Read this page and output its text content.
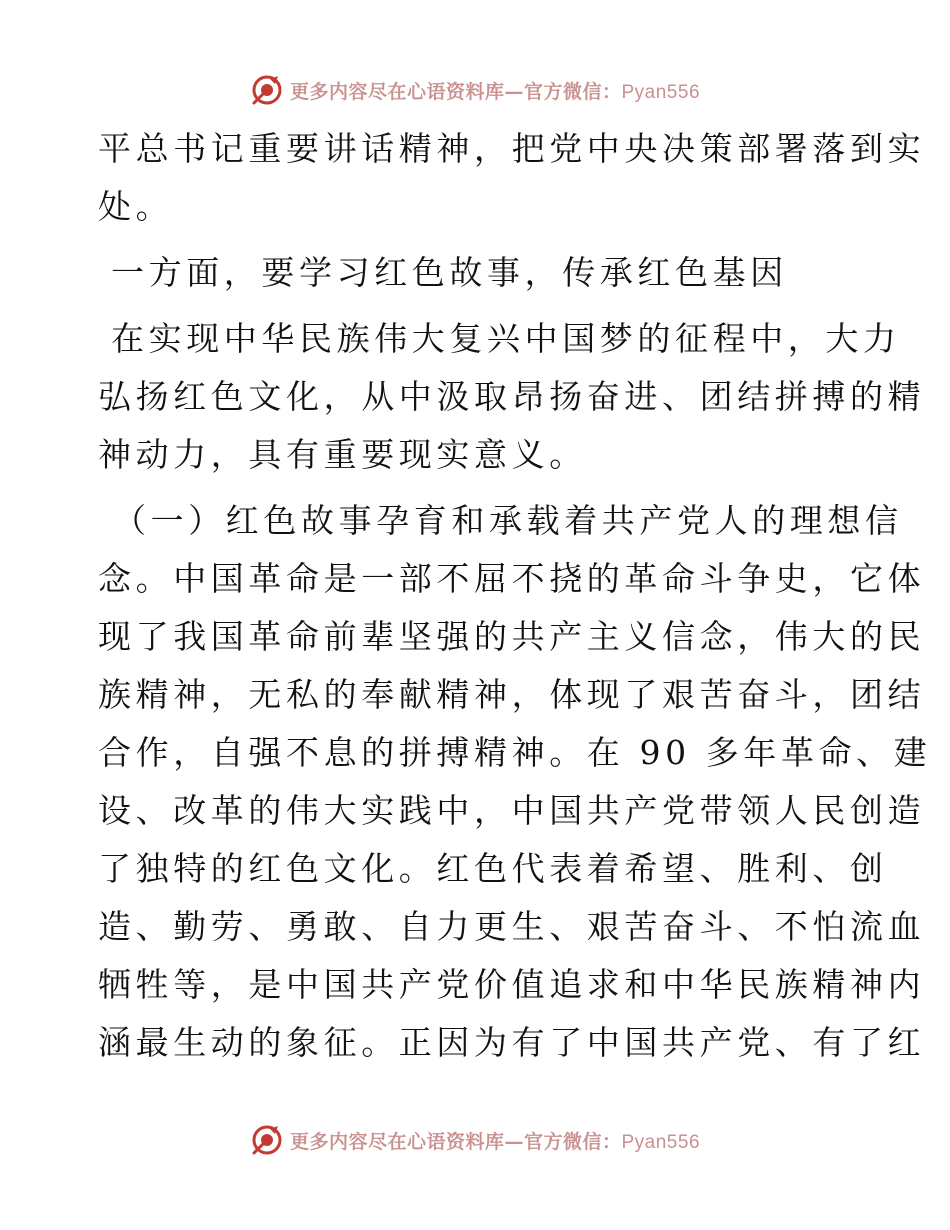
更多内容尽在心语资料库—官方微信：Pyan556
平总书记重要讲话精神，把党中央决策部署落到实
处。
一方面，要学习红色故事，传承红色基因
在实现中华民族伟大复兴中国梦的征程中，大力
弘扬红色文化，从中汲取昂扬奋进、团结拼搏的精
神动力，具有重要现实意义。
（一）红色故事孕育和承载着共产党人的理想信
念。中国革命是一部不屈不挠的革命斗争史，它体
现了我国革命前辈坚强的共产主义信念，伟大的民
族精神，无私的奉献精神，体现了艰苦奋斗，团结
合作，自强不息的拼搏精神。在 90 多年革命、建
设、改革的伟大实践中，中国共产党带领人民创造
了独特的红色文化。红色代表着希望、胜利、创
造、勤劳、勇敢、自力更生、艰苦奋斗、不怕流血
牺牲等，是中国共产党价值追求和中华民族精神内
涵最生动的象征。正因为有了中国共产党、有了红
更多内容尽在心语资料库—官方微信：Pyan556
